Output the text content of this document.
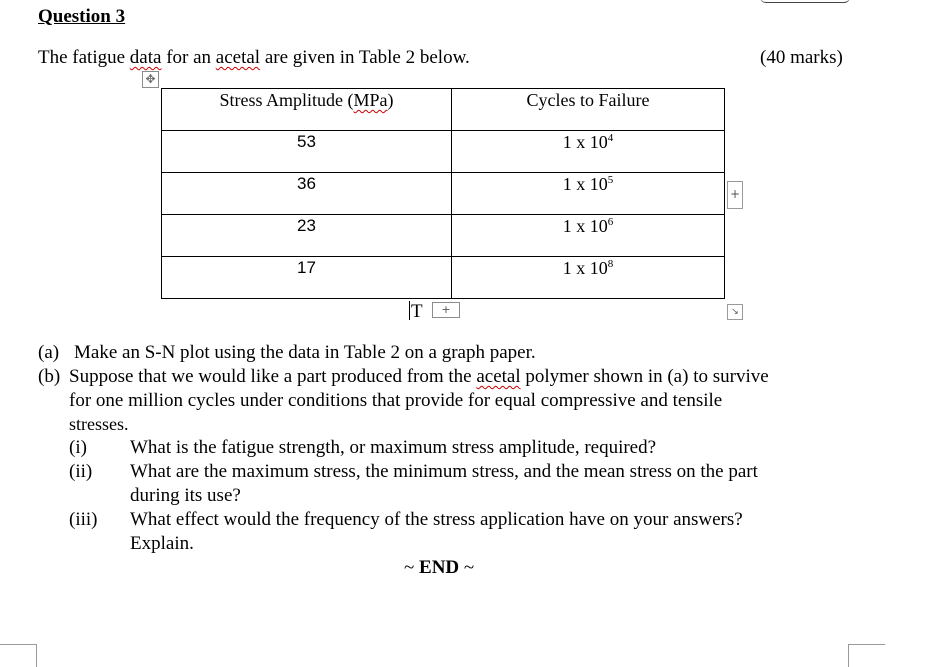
Question 3
The fatigue data for an acetal are given in Table 2 below.	(40 marks)
✥
Stress Amplitude (MPa)	Cycles to Failure

53	1 x $10^4$

36	1 x $10^5$

23	1 x $10^6$

17	1 x $10^8$
+
↘
T	+
(a) Make an S-N plot using the data in Table 2 on a graph paper.
(b) Suppose that we would like a part produced from the acetal polymer shown in (a) to survive
for one million cycles under conditions that provide for equal compressive and tensile
stresses.
(i) What is the fatigue strength, or maximum stress amplitude, required?
(ii) What are the maximum stress, the minimum stress, and the mean stress on the part
during its use?
(iii) What effect would the frequency of the stress application have on your answers?
Explain.
~ END ~
